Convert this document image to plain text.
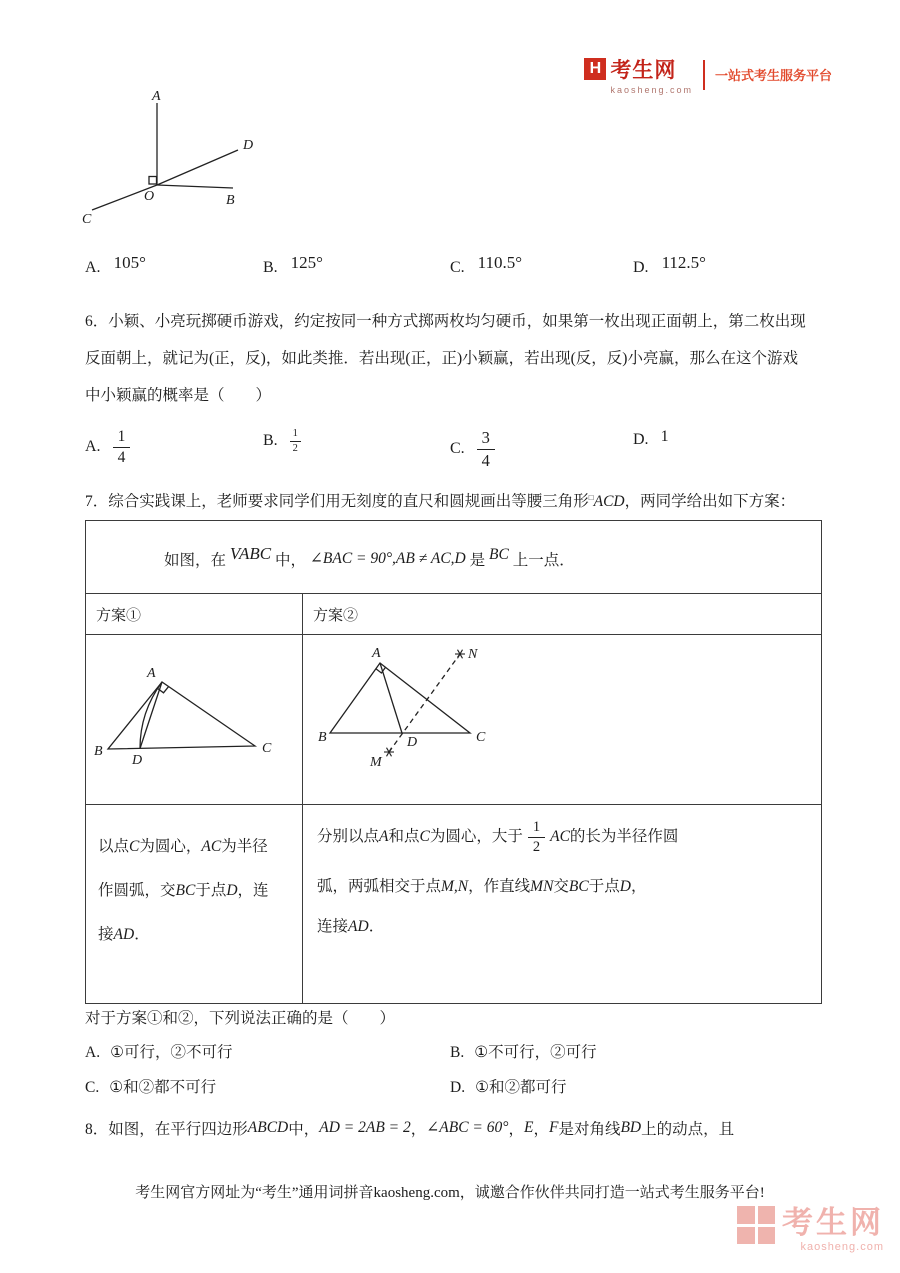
H 考生网
kaosheng.com
一站式考生服务平台
A
D
O	B
C
A. 105°	B. 125°	C. 110.5°	D. 112.5°
6．小颖、小亮玩掷硬币游戏，约定按同一种方式掷两枚均匀硬币，如果第一枚出现正面朝上，第二枚出现
反面朝上，就记为(正，反)，如此类推．若出现(正，正)小颖赢，若出现(反，反)小亮赢，那么在这个游戏
中小颖赢的概率是（　　）
A. $\frac{1}{4}$	B. $\frac{1}{2}$	C. $\frac{3}{4}$	D. 1
7．综合实践课上，老师要求同学们用无刻度的直尺和圆规画出等腰三角形□ACD，两同学给出如下方案：
如图，在 VABC 中， ∠BAC = 90°,AB ≠ AC,D 是 BC 上一点．	
方案①	方案②

A
B
D
C

A
B	C
D
M
N

以点C为圆心，AC为半径
作圆弧，交BC于点D，连
接AD．

分别以点A和点C为圆心，大于 $\frac{1}{2}$ AC的长为半径作圆
弧，两弧相交于点M,N，作直线MN交BC于点D，
连接AD．
对于方案①和②，下列说法正确的是（　　）
A. ①可行，②不可行	B. ①不可行，②可行
C. ①和②都不可行	D. ①和②都可行
8．如图，在平行四边形ABCD中，AD = 2AB = 2，∠ABC = 60°，E，F是对角线BD上的动点，且
考生网官方网址为“考生”通用词拼音kaosheng.com，诚邀合作伙伴共同打造一站式考生服务平台!
考生网
kaosheng.com
